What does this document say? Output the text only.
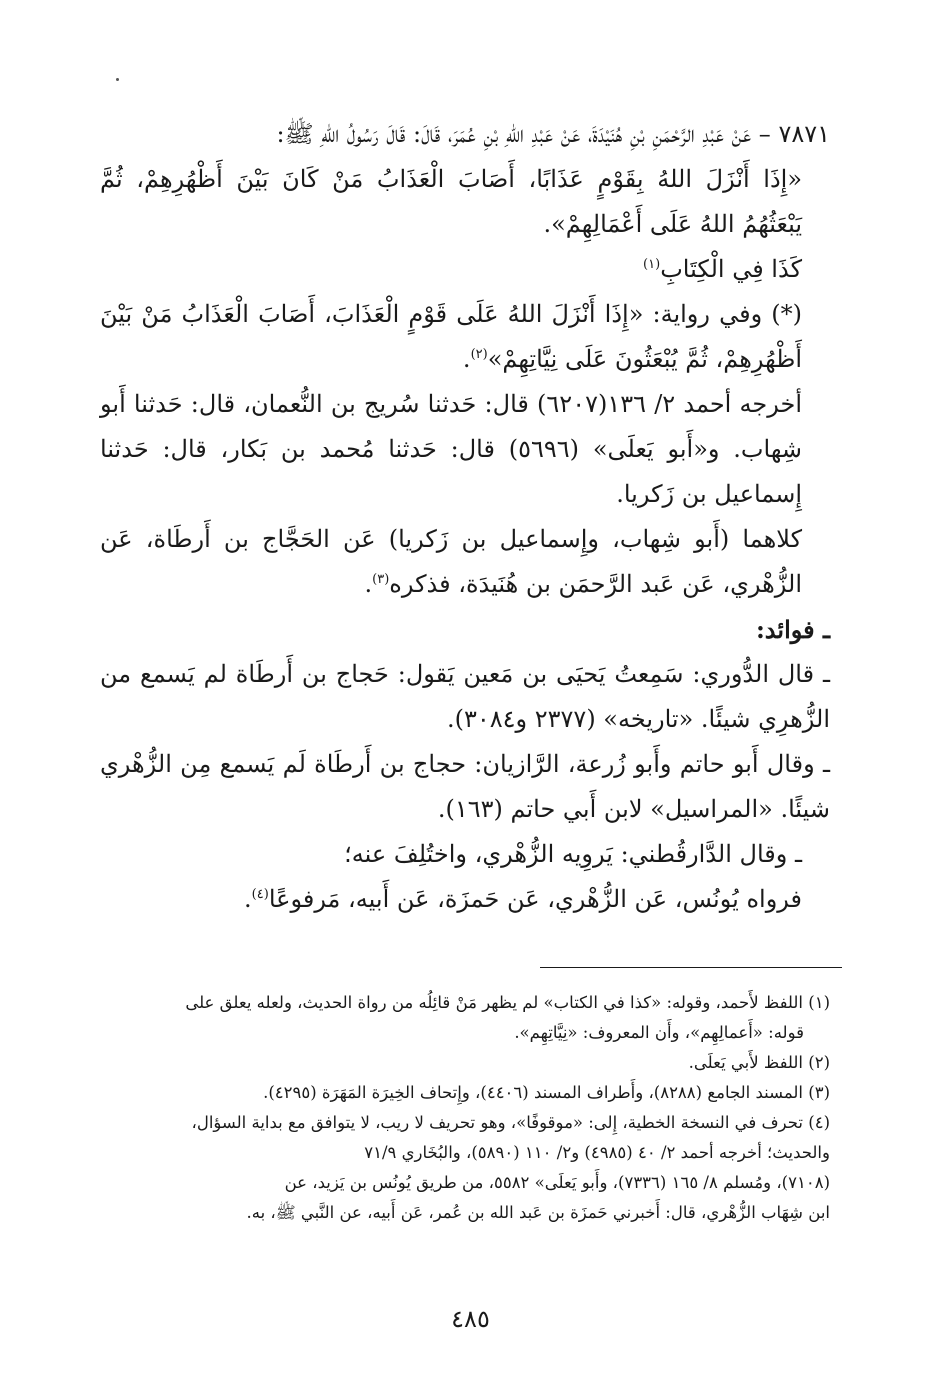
٧٨٧١ – عَنْ عَبْدِ الرَّحْمَنِ بْنِ هُنَيْدَةَ، عَنْ عَبْدِ اللهِ بْنِ عُمَرَ، قَالَ: قَالَ رَسُولُ اللهِ ﷺ:

«إِذَا أَنْزَلَ اللهُ بِقَوْمٍ عَذَابًا، أَصَابَ الْعَذَابُ مَنْ كَانَ بَيْنَ أَظْهُرِهِمْ، ثُمَّ يَبْعَثُهُمُ اللهُ عَلَى أَعْمَالِهِمْ».

كَذَا فِي الْكِتَابِ$^{(١)}$

(*) وفي رواية: «إِذَا أَنْزَلَ اللهُ عَلَى قَوْمٍ الْعَذَابَ، أَصَابَ الْعَذَابُ مَنْ بَيْنَ أَظْهُرِهِمْ، ثُمَّ يُبْعَثُونَ عَلَى نِيَّاتِهِمْ»$^{(٢)}$.

أخرجه أحمد ٢/ ١٣٦(٦٢٠٧) قال: حَدثنا سُريج بن النُّعمان، قال: حَدثنا أَبو شِهاب. و«أَبو يَعلَى» (٥٦٩٦) قال: حَدثنا مُحمد بن بَكار، قال: حَدثنا إِسماعيل بن زَكريا.

كلاهما (أَبو شِهاب، وإِسماعيل بن زَكريا) عَن الحَجَّاج بن أَرطَاة، عَن الزُّهْري، عَن عَبد الرَّحمَن بن هُنَيدَة، فذكره$^{(٣)}$.

ـ فوائد:

ـ قال الدُّوري: سَمِعتُ يَحيَى بن مَعين يَقول: حَجاج بن أَرطَاة لم يَسمع من الزُّهرِي شيئًا. «تاريخه» (٢٣٧٧ و٣٠٨٤).

ـ وقال أَبو حاتم وأَبو زُرعة، الرَّازيان: حجاج بن أَرطَاة لَم يَسمع مِن الزُّهْري شيئًا. «المراسيل» لابن أَبي حاتم (١٦٣).

ـ وقال الدَّارقُطني: يَروِيه الزُّهْري، واختُلِفَ عنه؛

فرواه يُونُس، عَن الزُّهْري، عَن حَمزَة، عَن أَبيه، مَرفوعًا$^{(٤)}$.

(١) اللفظ لأَحمد، وقوله: «كذا في الكتاب» لم يظهر مَنْ قائِلُه من رواة الحديث، ولعله يعلق على

قوله: «أَعمالِهِم»، وأَن المعروف: «نِيَّاتِهِم».

(٢) اللفظ لأَبي يَعلَى.

(٣) المسند الجامع (٨٢٨٨)، وأَطراف المسند (٤٤٠٦)، وإِتحاف الخِيرَة المَهَرَة (٤٢٩٥).

(٤) تحرف في النسخة الخطية، إِلى: «موقوفًا»، وهو تحريف لا ريب، لا يتوافق مع بداية السؤال،

والحديث؛ أخرجه أحمد ٢/ ٤٠ (٤٩٨٥) و٢/ ١١٠ (٥٨٩٠)، والبُخَاري ٧١/٩

(٧١٠٨)، ومُسلم ٨/ ١٦٥ (٧٣٣٦)، وأَبو يَعلَى» ٥٥٨٢، من طريق يُونُس بن يَزيد، عن

ابن شِهَاب الزُّهْري، قال: أَخبرني حَمزَة بن عَبد الله بن عُمر، عَن أَبيه، عن النَّبي ﷺ، به.

٤٨٥
